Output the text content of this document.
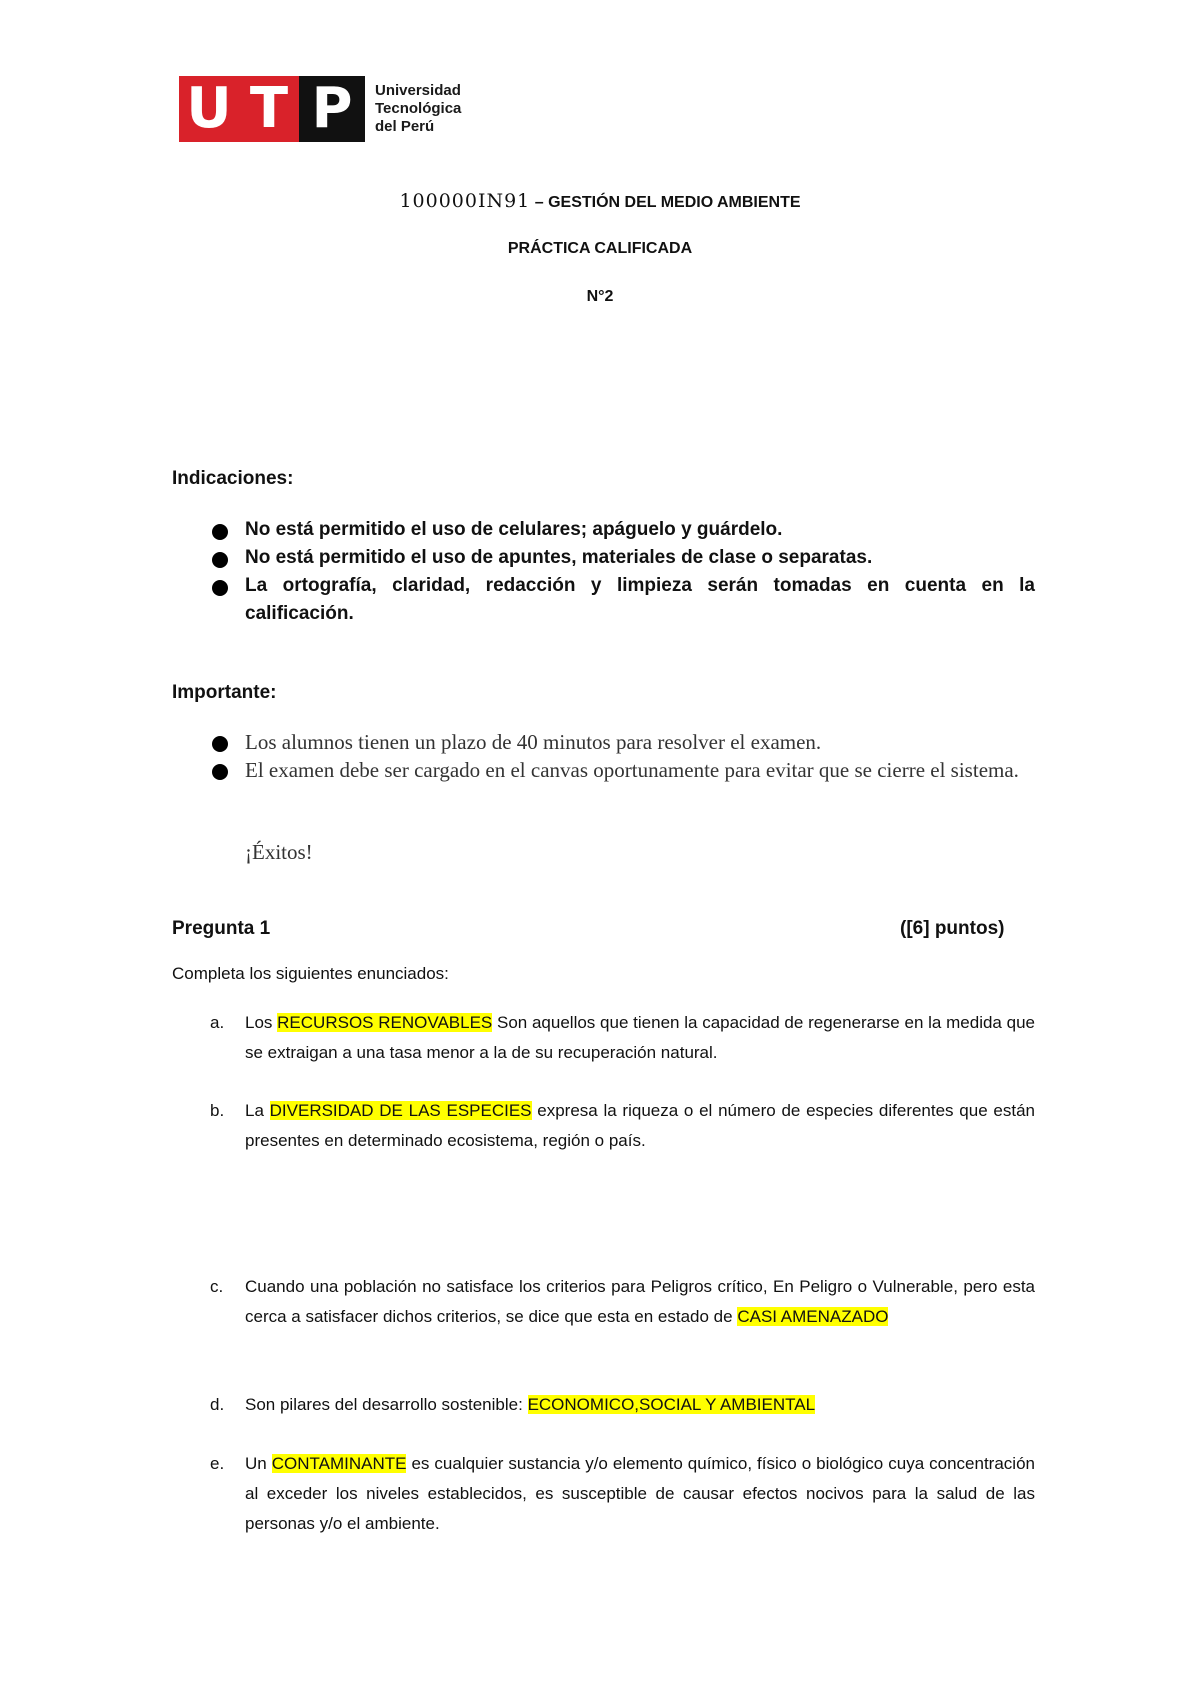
U T P Universidad
Tecnológica
del Perú
100000IN91 – GESTIÓN DEL MEDIO AMBIENTE
PRÁCTICA CALIFICADA
N°2
Indicaciones:
No está permitido el uso de celulares; apáguelo y guárdelo.
No está permitido el uso de apuntes, materiales de clase o separatas.
La ortografía, claridad, redacción y limpieza serán tomadas en cuenta en la calificación.
Importante:
Los alumnos tienen un plazo de 40 minutos para resolver el examen.
El examen debe ser cargado en el canvas oportunamente para evitar que se cierre el sistema.
¡Éxitos!
Pregunta 1	([6] puntos)
Completa los siguientes enunciados:
a. Los RECURSOS RENOVABLES Son aquellos que tienen la capacidad de regenerarse en la medida que se extraigan a una tasa menor a la de su recuperación natural.
b. La DIVERSIDAD DE LAS ESPECIES expresa la riqueza o el número de especies diferentes que están presentes en determinado ecosistema, región o país.
c. Cuando una población no satisface los criterios para Peligros crítico, En Peligro o Vulnerable, pero esta cerca a satisfacer dichos criterios, se dice que esta en estado de CASI AMENAZADO
d. Son pilares del desarrollo sostenible: ECONOMICO,SOCIAL Y AMBIENTAL
e. Un CONTAMINANTE es cualquier sustancia y/o elemento químico, físico o biológico cuya concentración al exceder los niveles establecidos, es susceptible de causar efectos nocivos para la salud de las personas y/o el ambiente.
